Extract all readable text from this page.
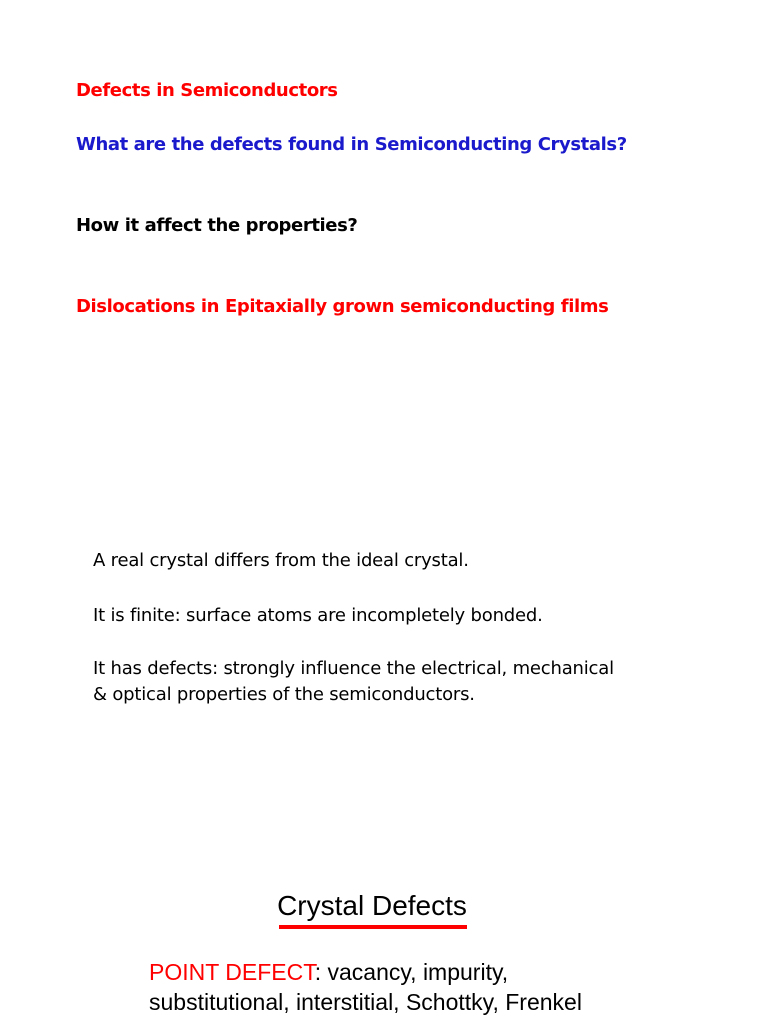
Defects in Semiconductors
What are the defects found in Semiconducting Crystals?
How it affect the properties?
Dislocations in Epitaxially grown semiconducting films
A real crystal differs from the ideal crystal.
It is finite: surface atoms are incompletely bonded.
It has defects: strongly influence the electrical, mechanical
& optical properties of the semiconductors.
Crystal Defects
POINT DEFECT: vacancy, impurity,
substitutional, interstitial, Schottky, Frenkel
